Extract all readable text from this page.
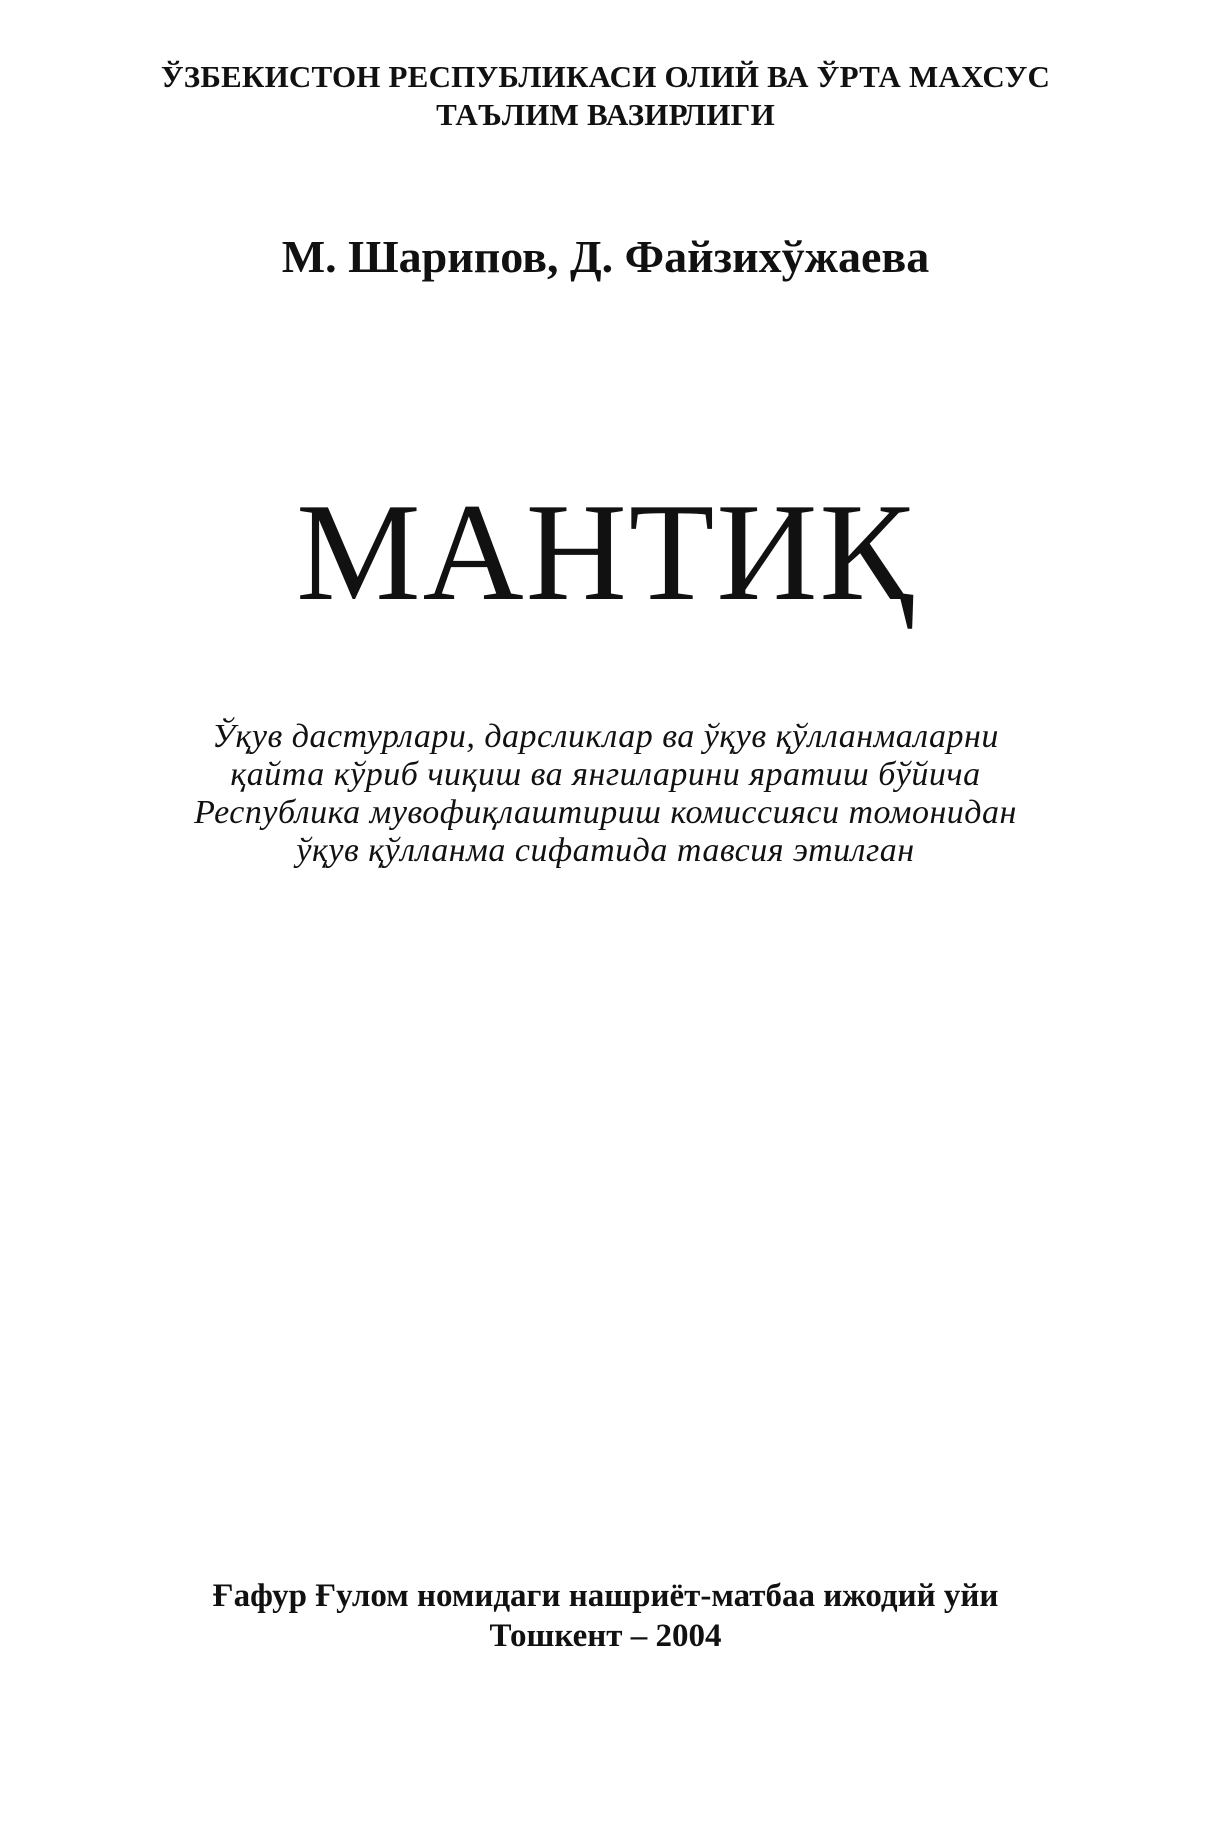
ЎЗБЕКИСТОН РЕСПУБЛИКАСИ ОЛИЙ ВА ЎРТА МАХСУС
ТАЪЛИМ ВАЗИРЛИГИ
М. Шарипов, Д. Файзихўжаева
МАНТИҚ
Ўқув дастурлари, дарсликлар ва ўқув қўлланмаларни
қайта кўриб чиқиш ва янгиларини яратиш бўйича
Республика мувофиқлаштириш комиссияси томонидан
ўқув қўлланма сифатида тавсия этилган
Ғафур Ғулом номидаги нашриёт-матбаа ижодий уйи
Тошкент – 2004
